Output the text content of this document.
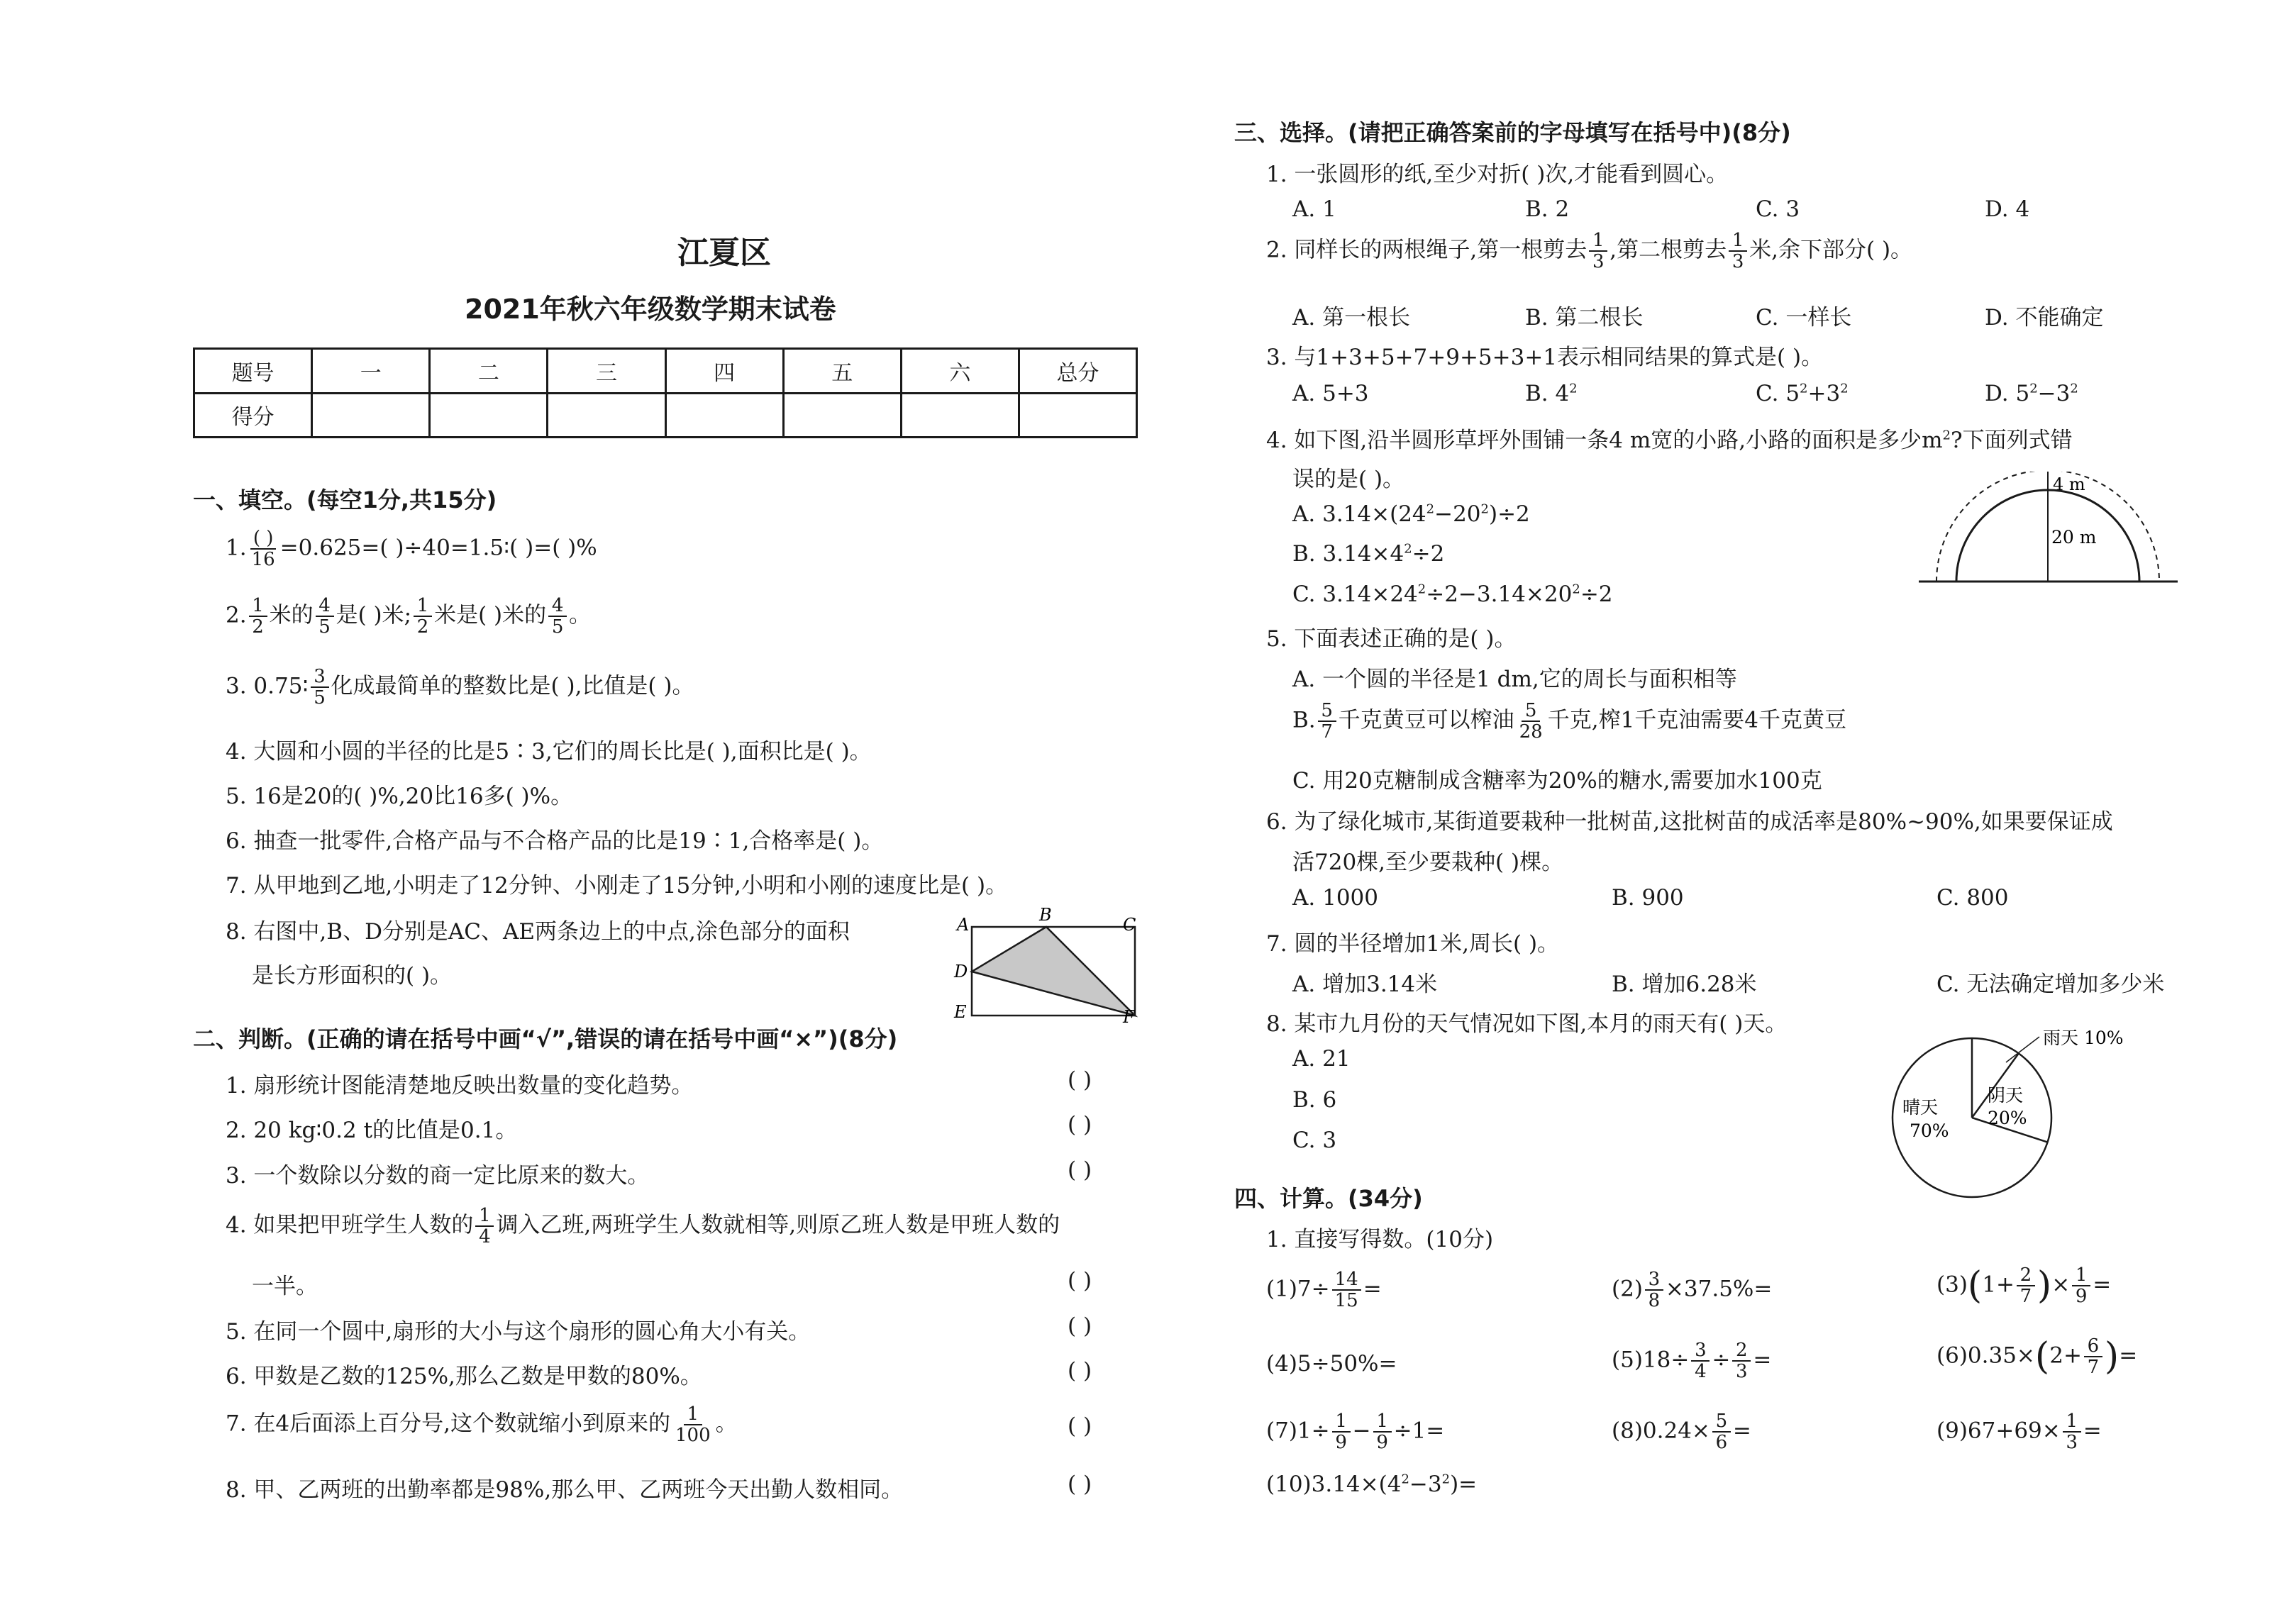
江夏区
2021年秋六年级数学期末试卷
题号	一	二	三	四	五	六	总分
得分							
一、填空。(每空1分,共15分)
1. $\frac{( )}{16} =0.625=$( )÷40=1.5∶( )=( )%
2. $\frac{1}{2}$ 米的 $\frac{4}{5}$ 是( )米; $\frac{1}{2}$ 米是( )米的 $\frac{4}{5}$ 。
3. 0.75∶ $\frac{3}{5}$ 化成最简单的整数比是( ),比值是( )。
4. 大圆和小圆的半径的比是5∶3,它们的周长比是( ),面积比是( )。
5. 16是20的( )%,20比16多( )%。
6. 抽查一批零件,合格产品与不合格产品的比是19∶1,合格率是( )。
7. 从甲地到乙地,小明走了12分钟、小刚走了15分钟,小明和小刚的速度比是( )。
8. 右图中,B、D分别是AC、AE两条边上的中点,涂色部分的面积
是长方形面积的( )。
A	B	C
D
E	F
二、判断。(正确的请在括号中画“√”,错误的请在括号中画“×”)(8分)
1. 扇形统计图能清楚地反映出数量的变化趋势。	( )
2. 20 kg∶0.2 t的比值是0.1。	( )
3. 一个数除以分数的商一定比原来的数大。	( )
4. 如果把甲班学生人数的 $\frac{1}{4}$ 调入乙班,两班学生人数就相等,则原乙班人数是甲班人数的
一半。	( )
5. 在同一个圆中,扇形的大小与这个扇形的圆心角大小有关。	( )
6. 甲数是乙数的125%,那么乙数是甲数的80%。	( )
7. 在4后面添上百分号,这个数就缩小到原来的 $\frac{1}{100}$ 。	( )
8. 甲、乙两班的出勤率都是98%,那么甲、乙两班今天出勤人数相同。	( )
三、选择。(请把正确答案前的字母填写在括号中)(8分)
1. 一张圆形的纸,至少对折( )次,才能看到圆心。
A. 1	B. 2	C. 3	D. 4
2. 同样长的两根绳子,第一根剪去 $\frac{1}{3}$ ,第二根剪去 $\frac{1}{3}$ 米,余下部分( )。
A. 第一根长	B. 第二根长	C. 一样长	D. 不能确定
3. 与1+3+5+7+9+5+3+1表示相同结果的算式是( )。
A. 5+3	B. $4^2$	C. $5^2+3^2$	D. $5^2-3^2$
4. 如下图,沿半圆形草坪外围铺一条4 m宽的小路,小路的面积是多少$m^2$?下面列式错
误的是( )。
A. $3.14\times(24^2-20^2)\div 2$
B. $3.14\times 4^2\div 2$
C. $3.14\times 24^2\div 2-3.14\times 20^2\div 2$
4 m
20 m
5. 下面表述正确的是( )。
A. 一个圆的半径是1 dm,它的周长与面积相等
B. $\frac{5}{7}$ 千克黄豆可以榨油 $\frac{5}{28}$ 千克,榨1千克油需要4千克黄豆
C. 用20克糖制成含糖率为20%的糖水,需要加水100克
6. 为了绿化城市,某街道要栽种一批树苗,这批树苗的成活率是80%~90%,如果要保证成
活720棵,至少要栽种( )棵。
A. 1000	B. 900	C. 800
7. 圆的半径增加1米,周长( )。
A. 增加3.14米	B. 增加6.28米	C. 无法确定增加多少米
8. 某市九月份的天气情况如下图,本月的雨天有( )天。
A. 21
B. 6
C. 3
晴天
70%
阴天
20%
雨天 10%
四、计算。(34分)
1. 直接写得数。(10分)
$(1)7\div \frac{14}{15}$ =	$(2) \frac{3}{8} \times 37.5\%=$	$(3)(1+ \frac{2}{7}$ )× $\frac{1}{9}$ =
(4)5÷50%=	$(5)18\div \frac{3}{4} \div \frac{2}{3}$ =	$(6)0.35\times(2+ \frac{6}{7}$ )=
$(7)1\div \frac{1}{9} - \frac{1}{9} \div 1=$	$(8)0.24\times \frac{5}{6}$ =	$(9)67+69\times \frac{1}{3}$ =
$(10)3.14\times(4^2-3^2)=$
